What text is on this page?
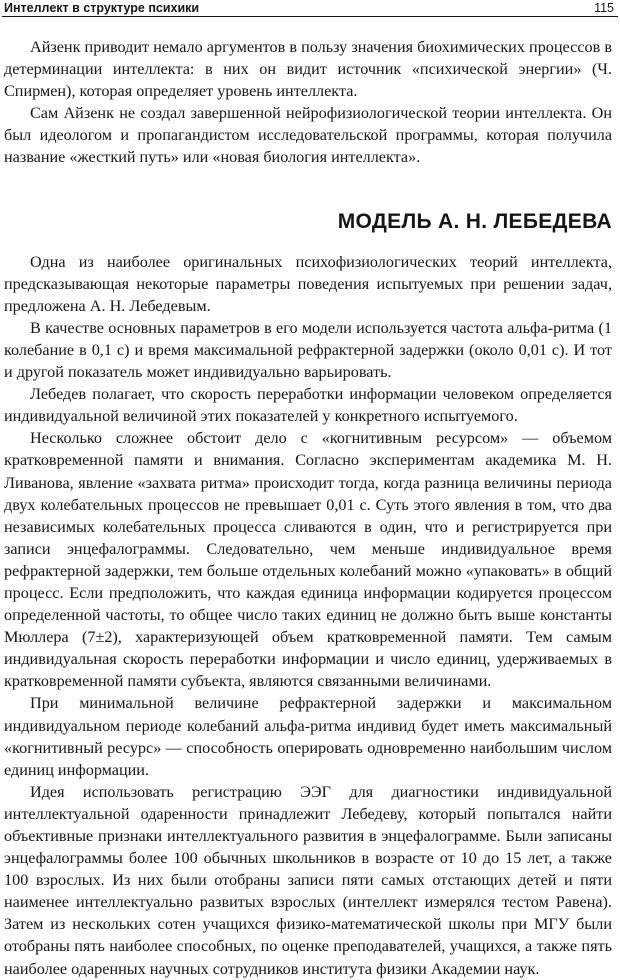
Интеллект в структуре психики	115

Айзенк приводит немало аргументов в пользу значения биохимических процессов в детерминации интеллекта: в них он видит источник «психической энергии» (Ч. Спирмен), которая определяет уровень интеллекта.

Сам Айзенк не создал завершенной нейрофизиологической теории интеллекта. Он был идеологом и пропагандистом исследовательской программы, которая получила название «жесткий путь» или «новая биология интеллекта».

МОДЕЛЬ А. Н. ЛЕБЕДЕВА

Одна из наиболее оригинальных психофизиологических теорий интеллекта, предсказывающая некоторые параметры поведения испытуемых при решении задач, предложена А. Н. Лебедевым.

В качестве основных параметров в его модели используется частота альфа-ритма (1 колебание в 0,1 с) и время максимальной рефрактерной задержки (около 0,01 с). И тот и другой показатель может индивидуально варьировать.

Лебедев полагает, что скорость переработки информации человеком определяется индивидуальной величиной этих показателей у конкретного испытуемого.

Несколько сложнее обстоит дело с «когнитивным ресурсом» — объемом кратковременной памяти и внимания. Согласно экспериментам академика М. Н. Ливанова, явление «захвата ритма» происходит тогда, когда разница величины периода двух колебательных процессов не превышает 0,01 с. Суть этого явления в том, что два независимых колебательных процесса сливаются в один, что и регистрируется при записи энцефалограммы. Следовательно, чем меньше индивидуальное время рефрактерной задержки, тем больше отдельных колебаний можно «упаковать» в общий процесс. Если предположить, что каждая единица информации кодируется процессом определенной частоты, то общее число таких единиц не должно быть выше константы Мюллера (7±2), характеризующей объем кратковременной памяти. Тем самым индивидуальная скорость переработки информации и число единиц, удерживаемых в кратковременной памяти субъекта, являются связанными величинами.

При минимальной величине рефрактерной задержки и максимальном индивидуальном периоде колебаний альфа-ритма индивид будет иметь максимальный «когнитивный ресурс» — способность оперировать одновременно наибольшим числом единиц информации.

Идея использовать регистрацию ЭЭГ для диагностики индивидуальной интеллектуальной одаренности принадлежит Лебедеву, который попытался найти объективные признаки интеллектуального развития в энцефалограмме. Были записаны энцефалограммы более 100 обычных школьников в возрасте от 10 до 15 лет, а также 100 взрослых. Из них были отобраны записи пяти самых отстающих детей и пяти наименее интеллектуально развитых взрослых (интеллект измерялся тестом Равена). Затем из нескольких сотен учащихся физико-математической школы при МГУ были отобраны пять наиболее способных, по оценке преподавателей, учащихся, а также пять наиболее одаренных научных сотрудников института физики Академии наук.
